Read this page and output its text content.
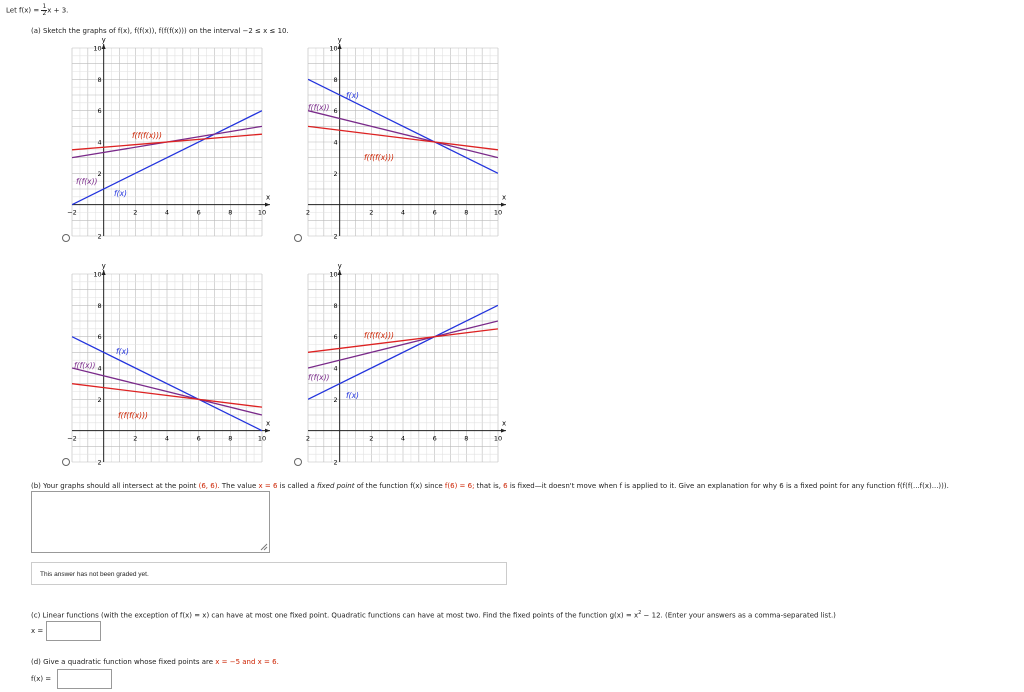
Let $f(x) = \frac{1}{2}$ x + 3.
(a) Sketch the graphs of f(x), f(f(x)), f(f(f(x))) on the interval −2 ≤ x ≤ 10.
x
y
−2	2	4	6	8	10
10
8
6
4
2
2
f(x)
f(f(x))
f(f(f(x)))
x
y
2	2	4	6	8	10
10
8
6
4
2
2
f(x)
f(f(x))
f(f(f(x)))
x
y
−2	2	4	6	8	10
10
8
6
4
2
2
f(x)
f(f(x))
f(f(f(x)))
x
y
2	2	4	6	8	10
10
8
6
4
2
2
f(x)
f(f(x))
f(f(f(x)))
(b) Your graphs should all intersect at the point (6, 6). The value x = 6 is called a fixed point of the function f(x) since f(6) = 6; that is, 6 is fixed—it doesn't move when f is applied to it. Give an explanation for why 6 is a fixed point for any function f(f(f(...f(x)...))).
This answer has not been graded yet.
(c) Linear functions (with the exception of f(x) = x) can have at most one fixed point. Quadratic functions can have at most two. Find the fixed points of the function $g(x) = x^2 - 12$. (Enter your answers as a comma-separated list.)
x =
(d) Give a quadratic function whose fixed points are x = −5 and x = 6.
f(x) =
